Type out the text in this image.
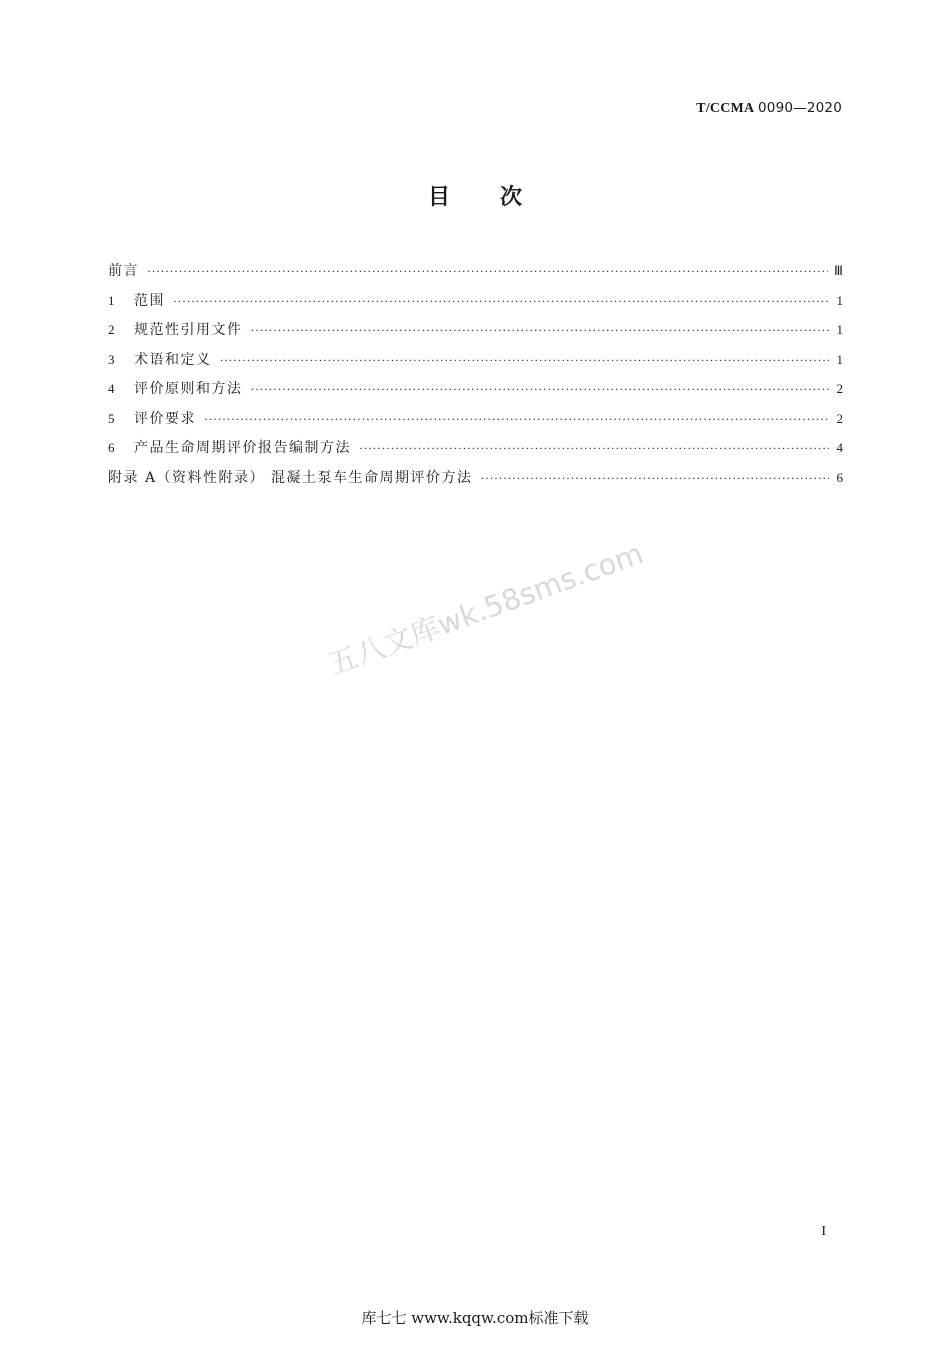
T/CCMA 0090—2020
目次
前言 ·····	Ⅲ
1	范围 ·····	1
2	规范性引用文件 ·····	1
3	术语和定义 ·····	1
4	评价原则和方法 ·····	2
5	评价要求 ·····	2
6	产品生命周期评价报告编制方法 ·····	4
附录 A（资料性附录） 混凝土泵车生命周期评价方法 ·····	6
五八文库wk.58sms.com
I
库七七 www.kqqw.com标准下载
